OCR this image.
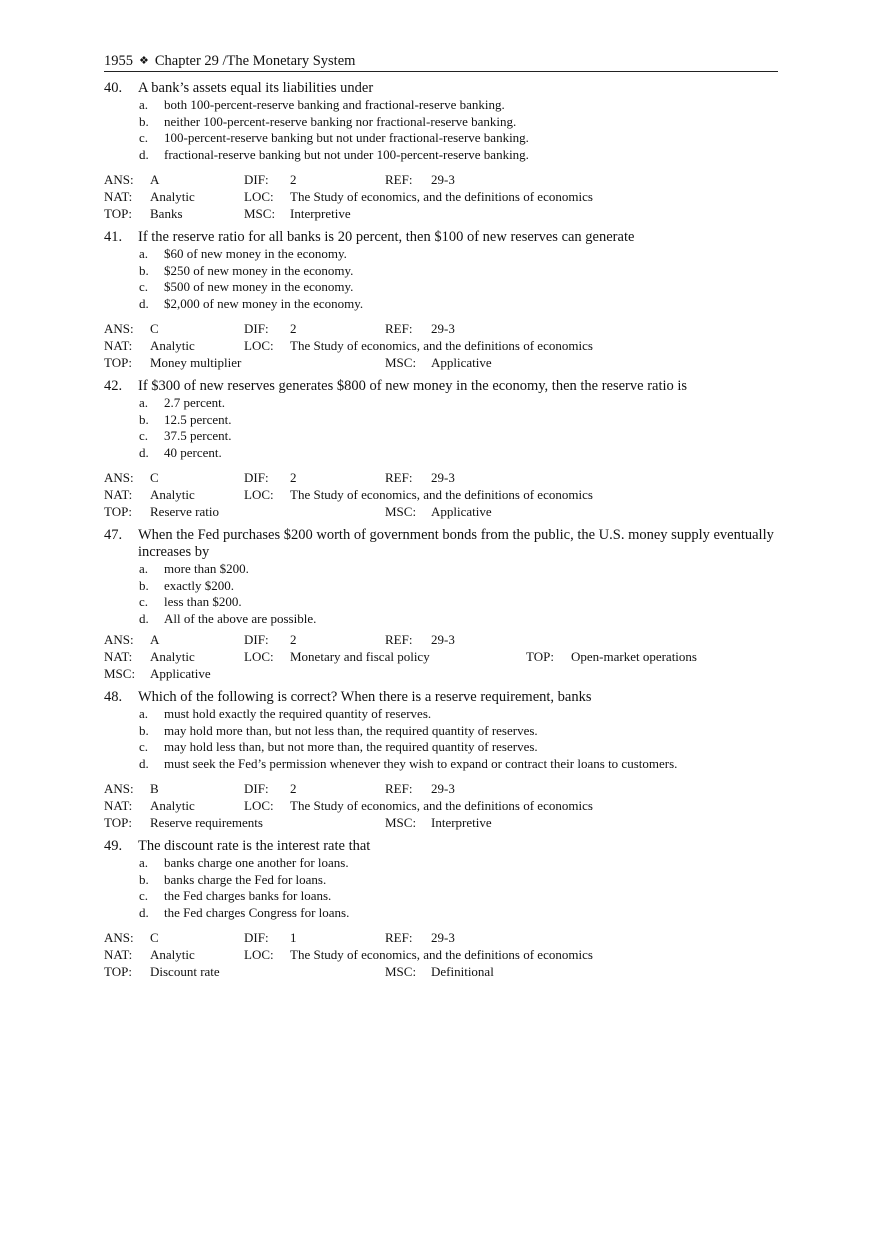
1955 ❖ Chapter 29 /The Monetary System
40. A bank’s assets equal its liabilities under
a. both 100-percent-reserve banking and fractional-reserve banking.
b. neither 100-percent-reserve banking nor fractional-reserve banking.
c. 100-percent-reserve banking but not under fractional-reserve banking.
d. fractional-reserve banking but not under 100-percent-reserve banking.
ANS: A	DIF: 2	REF: 29-3
NAT: Analytic	LOC: The Study of economics, and the definitions of economics
TOP: Banks	MSC: Interpretive
41. If the reserve ratio for all banks is 20 percent, then $100 of new reserves can generate
a. $60 of new money in the economy.
b. $250 of new money in the economy.
c. $500 of new money in the economy.
d. $2,000 of new money in the economy.
ANS: C	DIF: 2	REF: 29-3
NAT: Analytic	LOC: The Study of economics, and the definitions of economics
TOP: Money multiplier	MSC: Applicative
42. If $300 of new reserves generates $800 of new money in the economy, then the reserve ratio is
a. 2.7 percent.
b. 12.5 percent.
c. 37.5 percent.
d. 40 percent.
ANS: C	DIF: 2	REF: 29-3
NAT: Analytic	LOC: The Study of economics, and the definitions of economics
TOP: Reserve ratio	MSC: Applicative
47. When the Fed purchases $200 worth of government bonds from the public, the U.S. money supply eventually increases by
a. more than $200.
b. exactly $200.
c. less than $200.
d. All of the above are possible.
ANS: A	DIF: 2	REF: 29-3
NAT: Analytic	LOC: Monetary and fiscal policy	TOP: Open-market operations
MSC: Applicative
48. Which of the following is correct? When there is a reserve requirement, banks
a. must hold exactly the required quantity of reserves.
b. may hold more than, but not less than, the required quantity of reserves.
c. may hold less than, but not more than, the required quantity of reserves.
d. must seek the Fed’s permission whenever they wish to expand or contract their loans to customers.
ANS: B	DIF: 2	REF: 29-3
NAT: Analytic	LOC: The Study of economics, and the definitions of economics
TOP: Reserve requirements	MSC: Interpretive
49. The discount rate is the interest rate that
a. banks charge one another for loans.
b. banks charge the Fed for loans.
c. the Fed charges banks for loans.
d. the Fed charges Congress for loans.
ANS: C	DIF: 1	REF: 29-3
NAT: Analytic	LOC: The Study of economics, and the definitions of economics
TOP: Discount rate	MSC: Definitional
